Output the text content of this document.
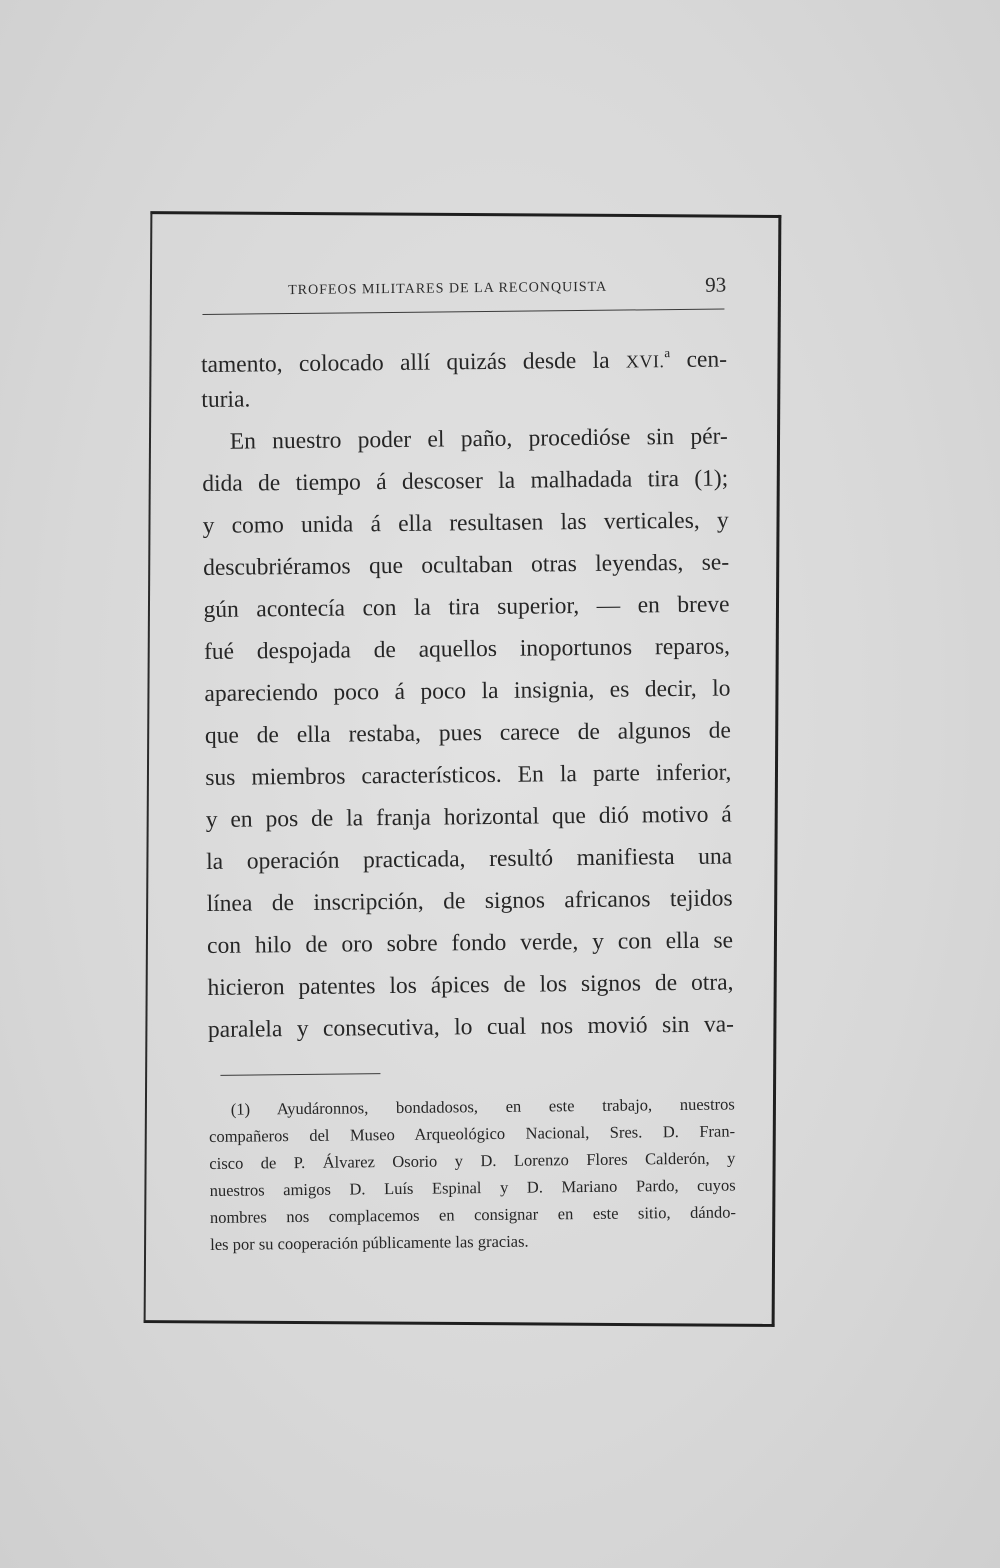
TROFEOS MILITARES DE LA RECONQUISTA	93
tamento, colocado allí quizás desde la XVI.$^a$ cen-
turia.
En nuestro poder el paño, procedióse sin pér-
dida de tiempo á descoser la malhadada tira (1);
y como unida á ella resultasen las verticales, y
descubriéramos que ocultaban otras leyendas, se-
gún acontecía con la tira superior, — en breve
fué despojada de aquellos inoportunos reparos,
apareciendo poco á poco la insignia, es decir, lo
que de ella restaba, pues carece de algunos de
sus miembros característicos. En la parte inferior,
y en pos de la franja horizontal que dió motivo á
la operación practicada, resultó manifiesta una
línea de inscripción, de signos africanos tejidos
con hilo de oro sobre fondo verde, y con ella se
hicieron patentes los ápices de los signos de otra,
paralela y consecutiva, lo cual nos movió sin va-
(1) Ayudáronnos, bondadosos, en este trabajo, nuestros
compañeros del Museo Arqueológico Nacional, Sres. D. Fran-
cisco de P. Álvarez Osorio y D. Lorenzo Flores Calderón, y
nuestros amigos D. Luís Espinal y D. Mariano Pardo, cuyos
nombres nos complacemos en consignar en este sitio, dándo-
les por su cooperación públicamente las gracias.
